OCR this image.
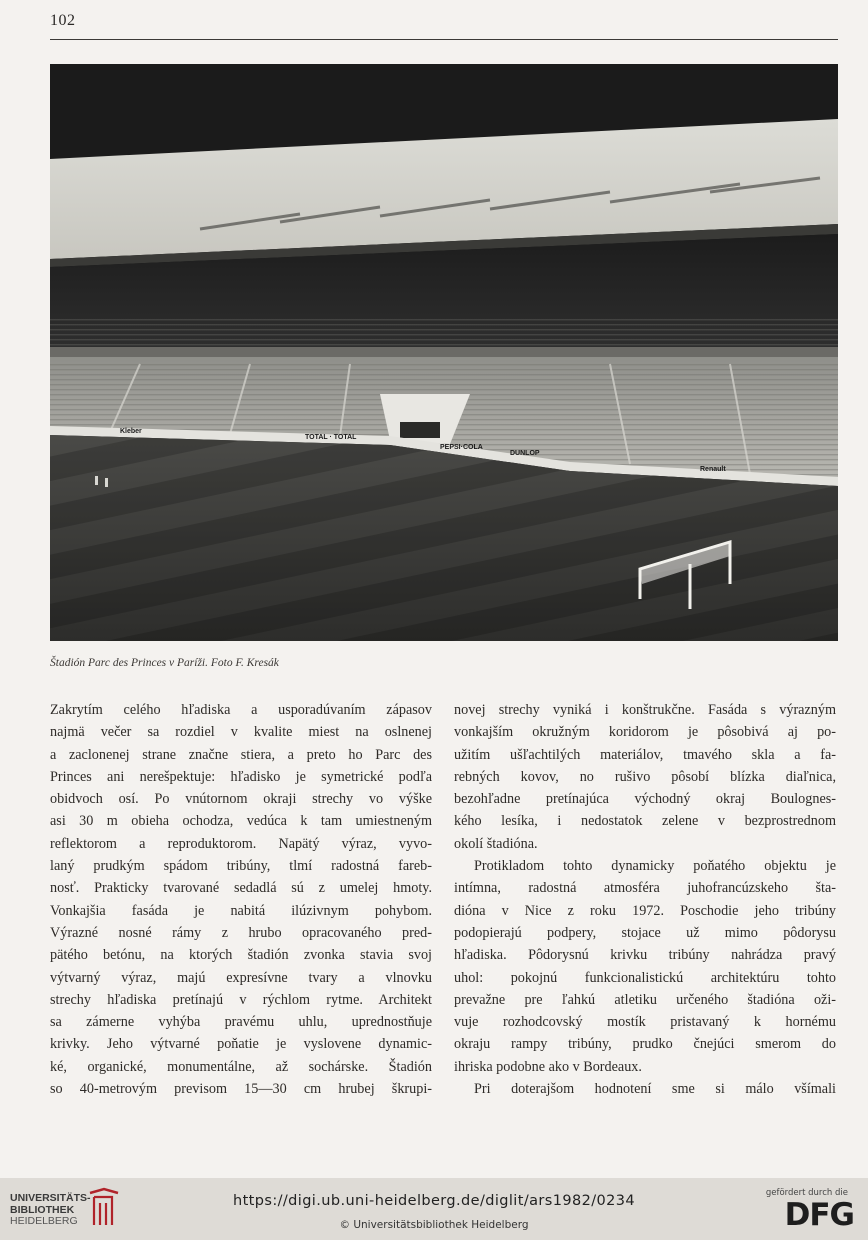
102
Kleber
TOTAL · TOTAL
PEPSI·COLA
DUNLOP
Renault
Štadión Parc des Princes v Paríži. Foto F. Kresák

Zakrytím celého hľadiska a usporadúvaním zápasov

najmä večer sa rozdiel v kvalite miest na oslnenej

a zaclonenej strane značne stiera, a preto ho Parc des

Princes ani nerešpektuje: hľadisko je symetrické podľa

obidvoch osí. Po vnútornom okraji strechy vo výške

asi 30 m obieha ochodza, vedúca k tam umiestneným

reflektorom a reproduktorom. Napätý výraz, vyvo-

laný prudkým spádom tribúny, tlmí radostná fareb-

nosť. Prakticky tvarované sedadlá sú z umelej hmoty.

Vonkajšia fasáda je nabitá ilúzivnym pohybom.

Výrazné nosné rámy z hrubo opracovaného pred-

pätého betónu, na ktorých štadión zvonka stavia svoj

výtvarný výraz, majú expresívne tvary a vlnovku

strechy hľadiska pretínajú v rýchlom rytme. Architekt

sa zámerne vyhýba pravému uhlu, uprednostňuje

krivky. Jeho výtvarné poňatie je vyslovene dynamic-

ké, organické, monumentálne, až sochárske. Štadión

so 40-metrovým previsom 15—30 cm hrubej škrupi-

novej strechy vyniká i konštrukčne. Fasáda s výrazným

vonkajším okružným koridorom je pôsobivá aj po-

užitím ušľachtilých materiálov, tmavého skla a fa-

rebných kovov, no rušivo pôsobí blízka diaľnica,

bezohľadne pretínajúca východný okraj Boulognes-

kého lesíka, i nedostatok zelene v bezprostrednom

okolí štadióna.

Protikladom tohto dynamicky poňatého objektu je

intímna, radostná atmosféra juhofrancúzskeho šta-

dióna v Nice z roku 1972. Poschodie jeho tribúny

podopierajú podpery, stojace už mimo pôdorysu

hľadiska. Pôdorysnú krivku tribúny nahrádza pravý

uhol: pokojnú funkcionalistickú architektúru tohto

prevažne pre ľahkú atletiku určeného štadióna oži-

vuje rozhodcovský mostík pristavaný k hornému

okraju rampy tribúny, prudko čnejúci smerom do

ihriska podobne ako v Bordeaux.

Pri doterajšom hodnotení sme si málo všímali

UNIVERSITÄTS-
BIBLIOTHEK
HEIDELBERG
https://digi.ub.uni-heidelberg.de/diglit/ars1982/0234
© Universitätsbibliothek Heidelberg
gefördert durch die
DFG
